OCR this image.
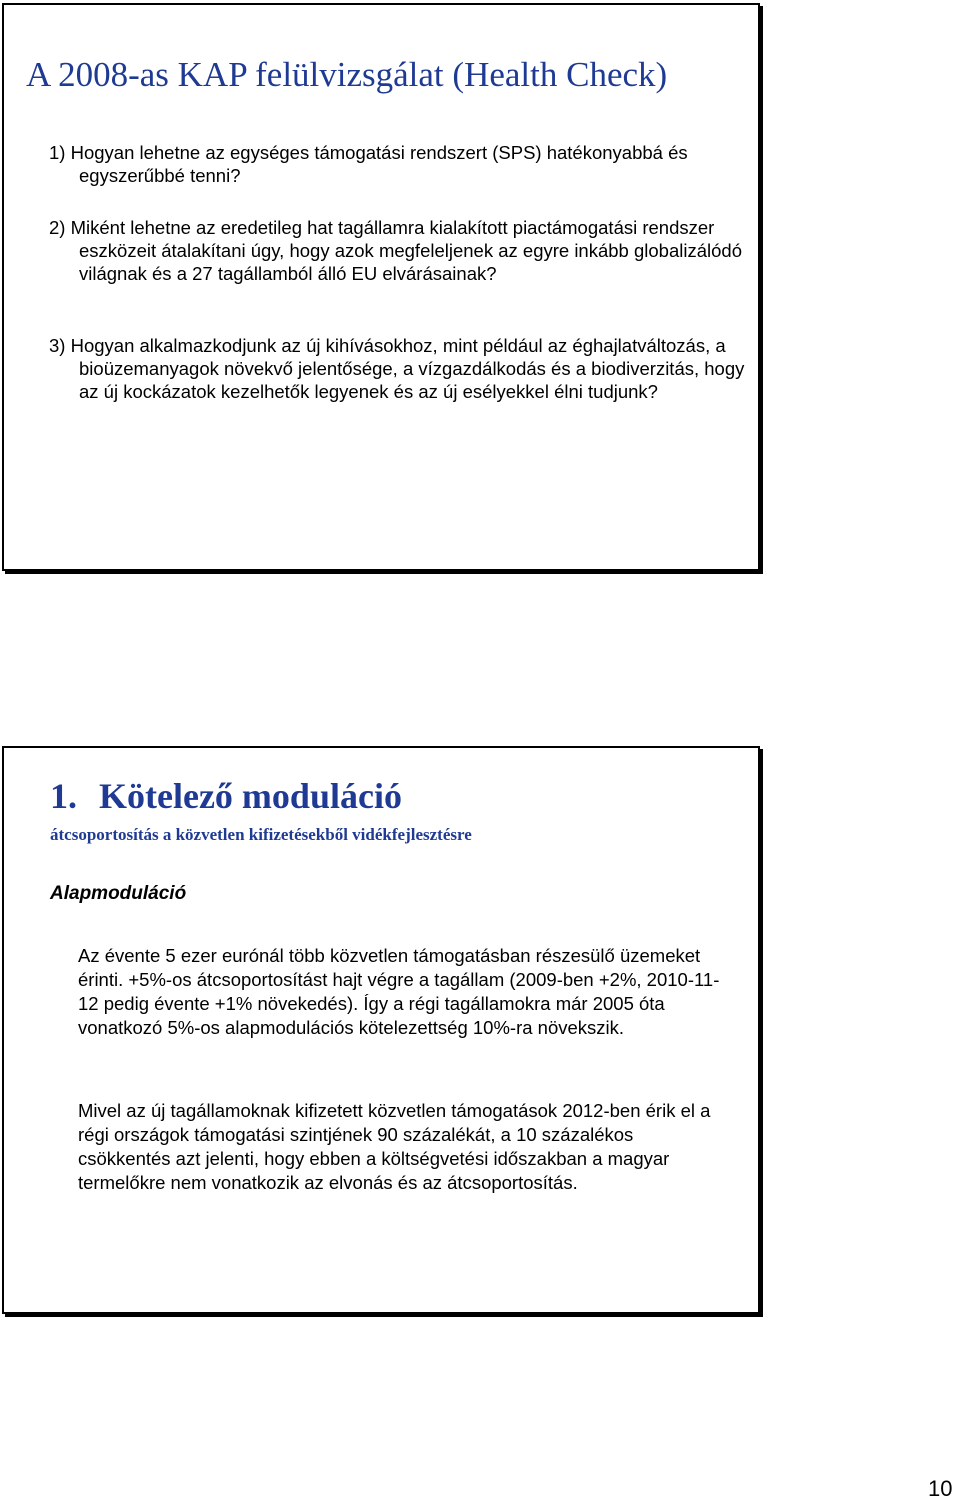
A 2008-as KAP felülvizsgálat (Health Check)
1) Hogyan lehetne az egységes támogatási rendszert (SPS) hatékonyabbá és egyszerűbbé tenni?
2) Miként lehetne az eredetileg hat tagállamra kialakított piactámogatási rendszer eszközeit átalakítani úgy, hogy azok megfeleljenek az egyre inkább globalizálódó világnak és a 27 tagállamból álló EU elvárásainak?
3) Hogyan alkalmazkodjunk az új kihívásokhoz, mint például az éghajlatváltozás, a bioüzemanyagok növekvő jelentősége, a vízgazdálkodás és a biodiverzitás, hogy az új kockázatok kezelhetők legyenek és az új esélyekkel élni tudjunk?
1. Kötelező moduláció
átcsoportosítás a közvetlen kifizetésekből vidékfejlesztésre
Alapmoduláció
Az évente 5 ezer eurónál több közvetlen támogatásban részesülő üzemeket érinti. +5%-os átcsoportosítást hajt végre a tagállam (2009-ben +2%, 2010-11-12 pedig évente +1% növekedés). Így a régi tagállamokra már 2005 óta vonatkozó 5%-os alapmodulációs kötelezettség 10%-ra növekszik.
Mivel az új tagállamoknak kifizetett közvetlen támogatások 2012-ben érik el a régi országok támogatási szintjének 90 százalékát, a 10 százalékos csökkentés azt jelenti, hogy ebben a költségvetési időszakban a magyar termelőkre nem vonatkozik az elvonás és az átcsoportosítás.
10
